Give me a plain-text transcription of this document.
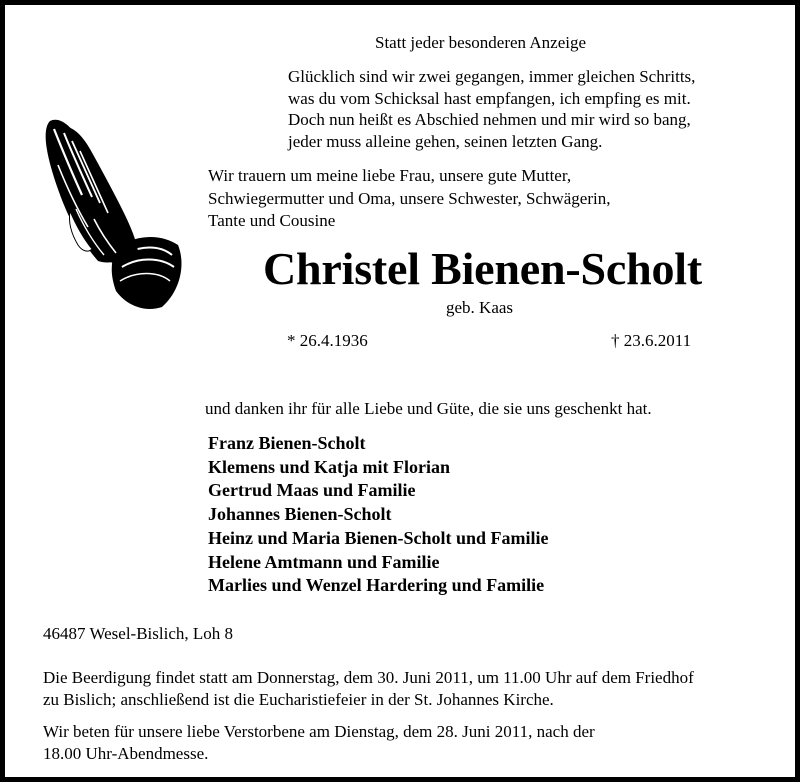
Statt jeder besonderen Anzeige
Glücklich sind wir zwei gegangen, immer gleichen Schritts,
was du vom Schicksal hast empfangen, ich empfing es mit.
Doch nun heißt es Abschied nehmen und mir wird so bang,
jeder muss alleine gehen, seinen letzten Gang.
Wir trauern um meine liebe Frau, unsere gute Mutter,
Schwiegermutter und Oma, unsere Schwester, Schwägerin,
Tante und Cousine
Christel Bienen-Scholt
geb. Kaas
* 26.4.1936	† 23.6.2011
und danken ihr für alle Liebe und Güte, die sie uns geschenkt hat.
Franz Bienen-Scholt
Klemens und Katja mit Florian
Gertrud Maas und Familie
Johannes Bienen-Scholt
Heinz und Maria Bienen-Scholt und Familie
Helene Amtmann und Familie
Marlies und Wenzel Hardering und Familie
46487 Wesel-Bislich, Loh 8
Die Beerdigung findet statt am Donnerstag, dem 30. Juni 2011, um 11.00 Uhr auf dem Friedhof
zu Bislich; anschließend ist die Eucharistiefeier in der St. Johannes Kirche.
Wir beten für unsere liebe Verstorbene am Dienstag, dem 28. Juni 2011, nach der
18.00 Uhr-Abendmesse.
